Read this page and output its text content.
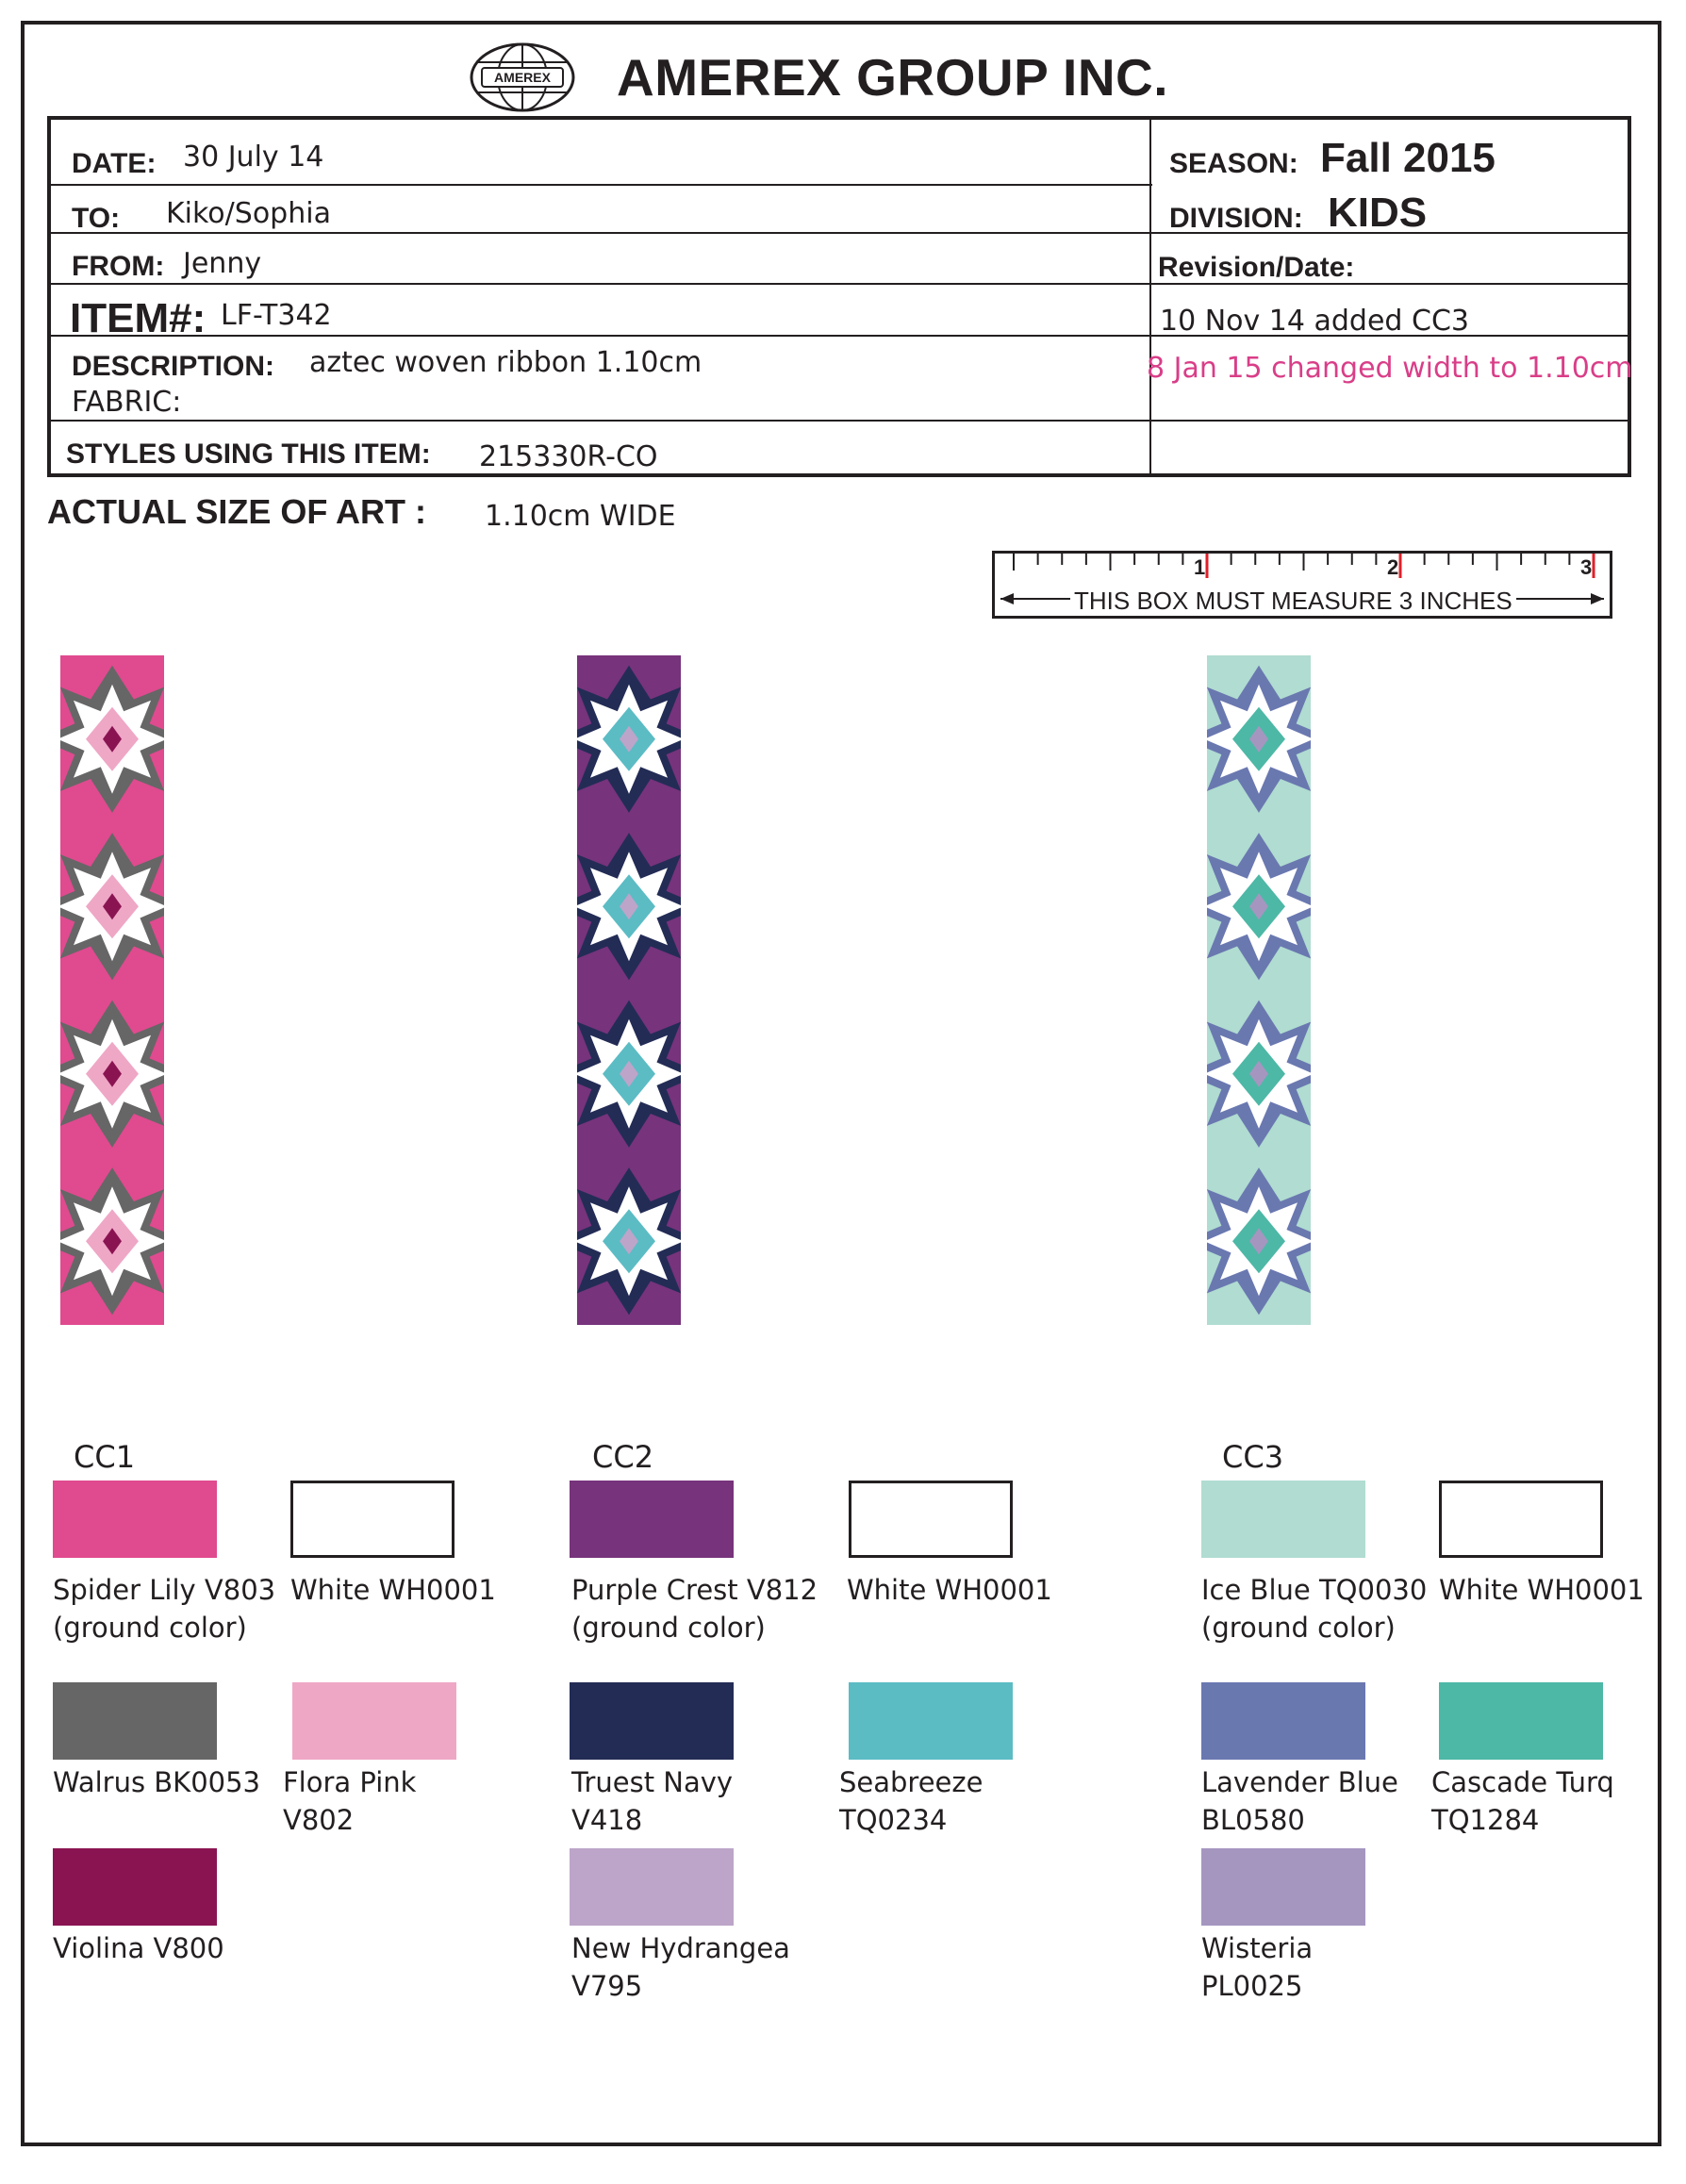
AMEREX AMEREX GROUP INC.
DATE: 30 July 14
TO: Kiko/Sophia
FROM: Jenny
ITEM#: LF-T342
DESCRIPTION: aztec woven ribbon 1.10cm
FABRIC:
STYLES USING THIS ITEM: 215330R-CO
SEASON: Fall 2015
DIVISION: KIDS
Revision/Date:
10 Nov 14 added CC3
8 Jan 15 changed width to 1.10cm
ACTUAL SIZE OF ART : 1.10cm WIDE
1	2	3
THIS BOX MUST MEASURE 3 INCHES
CC1
Spider Lily V803
(ground color)
White WH0001
Walrus BK0053 Flora Pink
V802
Violina V800
CC2
Purple Crest V812
(ground color)
White WH0001
Truest Navy
V418
Seabreeze
TQ0234
New Hydrangea
V795
CC3
Ice Blue TQ0030
(ground color)
White WH0001
Lavender Blue
BL0580
Cascade Turq
TQ1284
Wisteria
PL0025
